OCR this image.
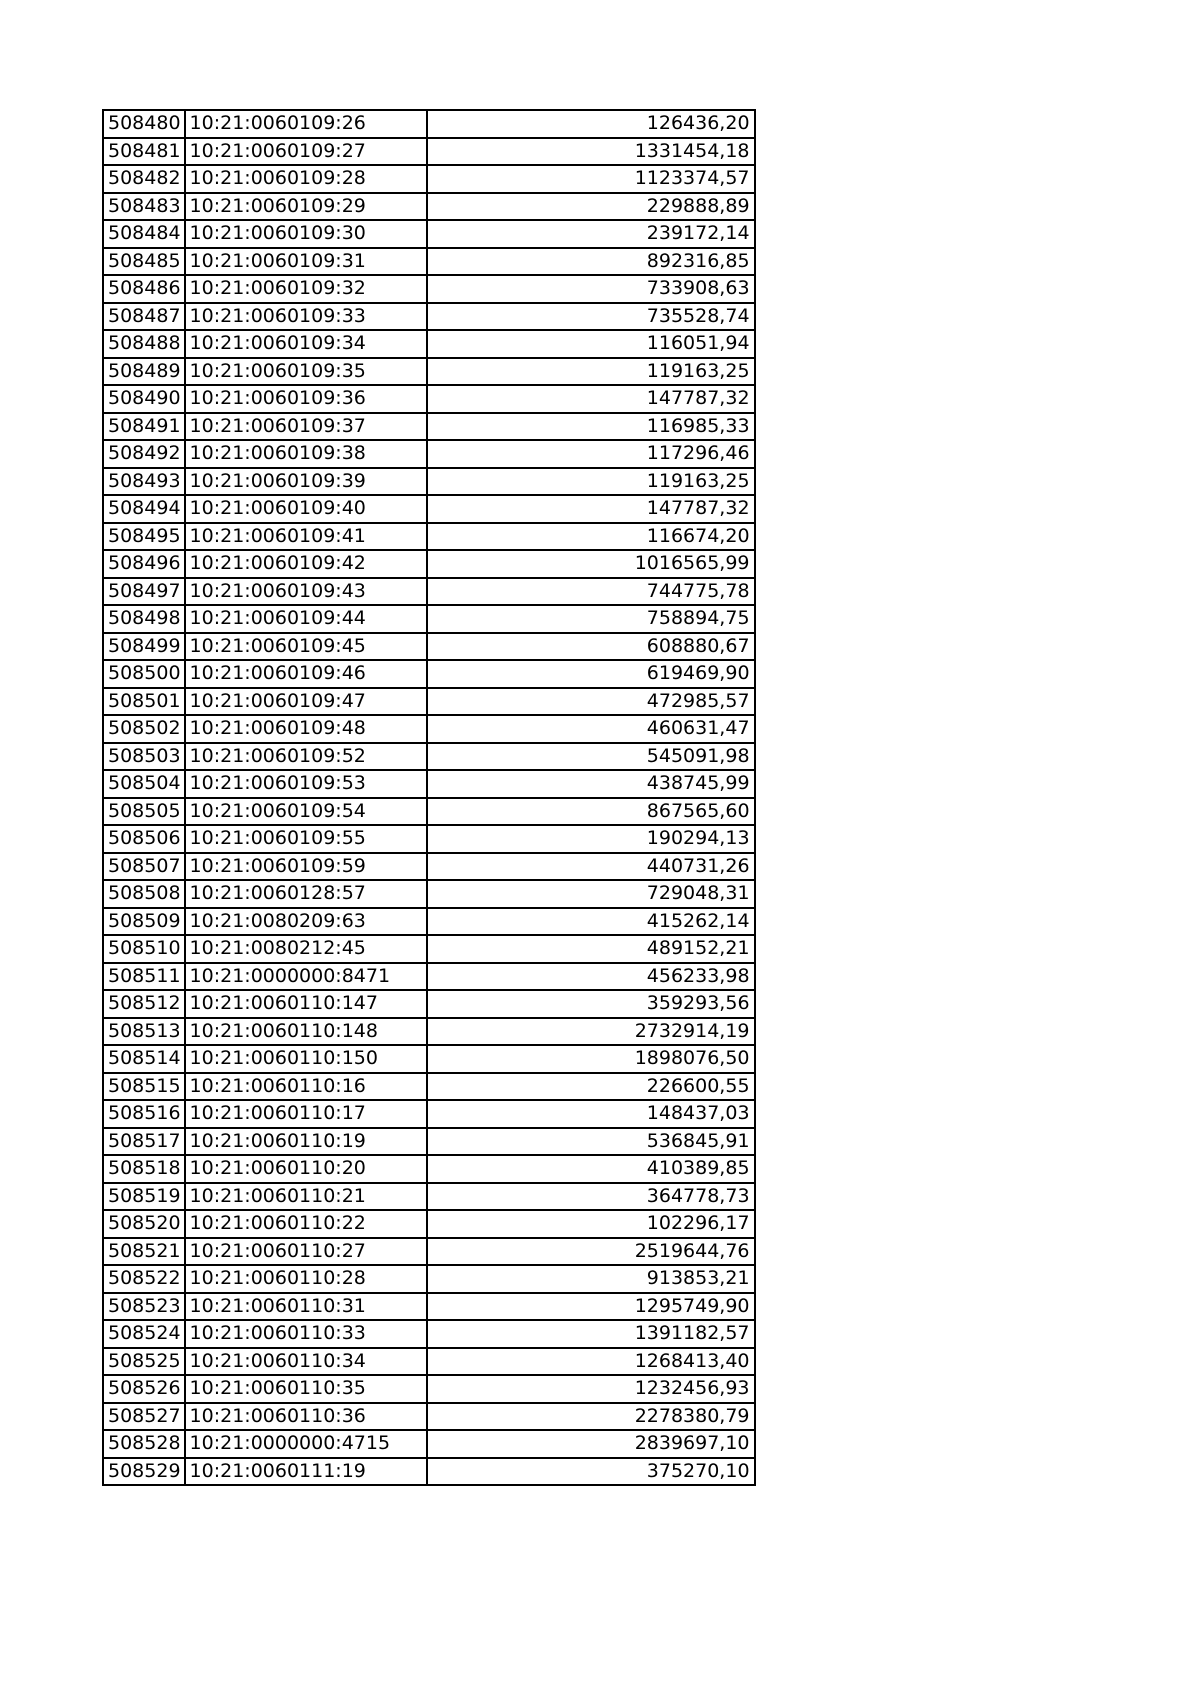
508480	10:21:0060109:26	126436,20
508481	10:21:0060109:27	1331454,18
508482	10:21:0060109:28	1123374,57
508483	10:21:0060109:29	229888,89
508484	10:21:0060109:30	239172,14
508485	10:21:0060109:31	892316,85
508486	10:21:0060109:32	733908,63
508487	10:21:0060109:33	735528,74
508488	10:21:0060109:34	116051,94
508489	10:21:0060109:35	119163,25
508490	10:21:0060109:36	147787,32
508491	10:21:0060109:37	116985,33
508492	10:21:0060109:38	117296,46
508493	10:21:0060109:39	119163,25
508494	10:21:0060109:40	147787,32
508495	10:21:0060109:41	116674,20
508496	10:21:0060109:42	1016565,99
508497	10:21:0060109:43	744775,78
508498	10:21:0060109:44	758894,75
508499	10:21:0060109:45	608880,67
508500	10:21:0060109:46	619469,90
508501	10:21:0060109:47	472985,57
508502	10:21:0060109:48	460631,47
508503	10:21:0060109:52	545091,98
508504	10:21:0060109:53	438745,99
508505	10:21:0060109:54	867565,60
508506	10:21:0060109:55	190294,13
508507	10:21:0060109:59	440731,26
508508	10:21:0060128:57	729048,31
508509	10:21:0080209:63	415262,14
508510	10:21:0080212:45	489152,21
508511	10:21:0000000:8471	456233,98
508512	10:21:0060110:147	359293,56
508513	10:21:0060110:148	2732914,19
508514	10:21:0060110:150	1898076,50
508515	10:21:0060110:16	226600,55
508516	10:21:0060110:17	148437,03
508517	10:21:0060110:19	536845,91
508518	10:21:0060110:20	410389,85
508519	10:21:0060110:21	364778,73
508520	10:21:0060110:22	102296,17
508521	10:21:0060110:27	2519644,76
508522	10:21:0060110:28	913853,21
508523	10:21:0060110:31	1295749,90
508524	10:21:0060110:33	1391182,57
508525	10:21:0060110:34	1268413,40
508526	10:21:0060110:35	1232456,93
508527	10:21:0060110:36	2278380,79
508528	10:21:0000000:4715	2839697,10
508529	10:21:0060111:19	375270,10
